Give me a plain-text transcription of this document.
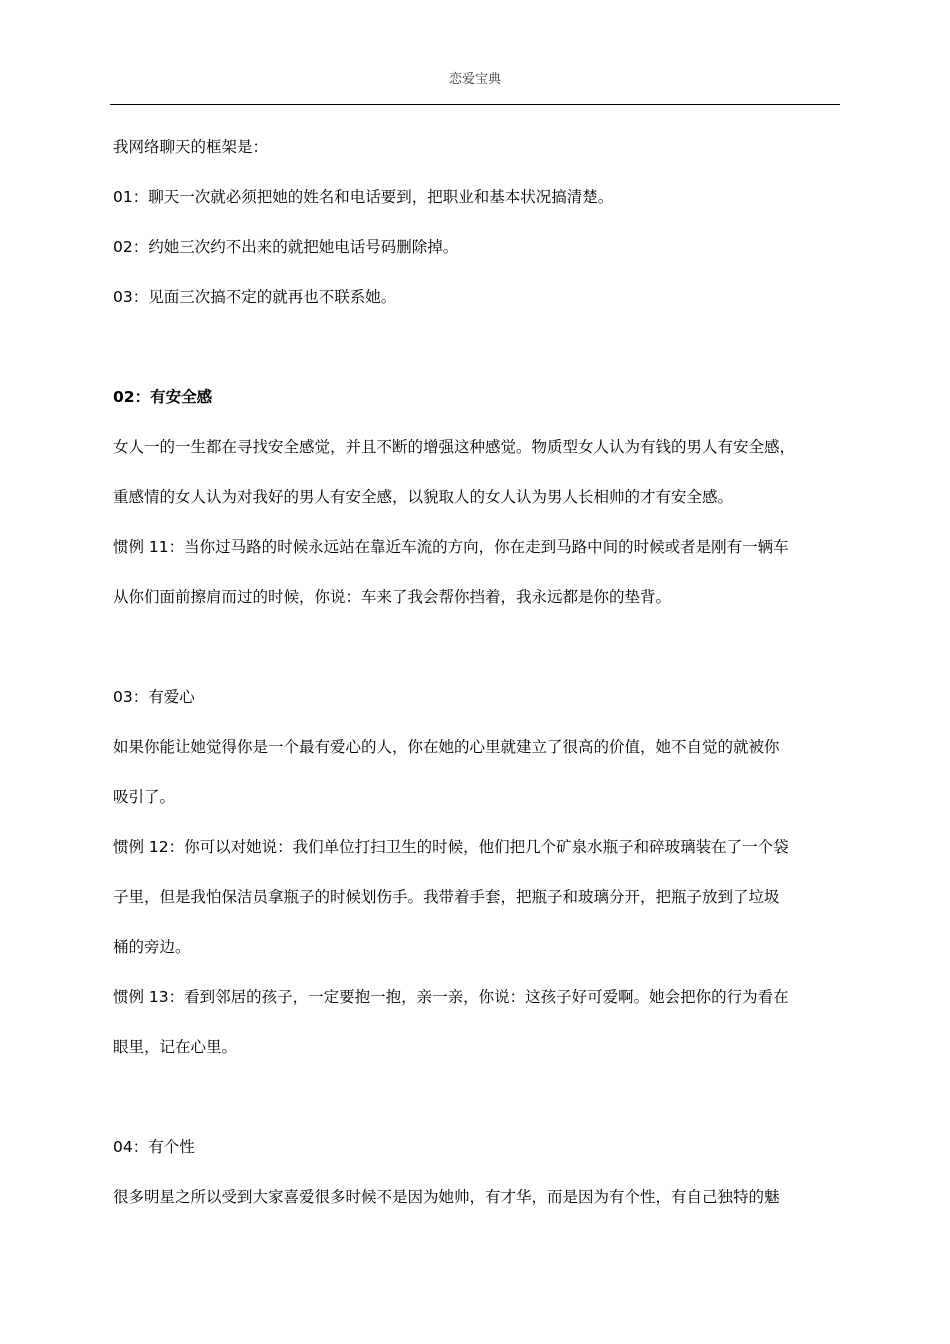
恋爱宝典
我网络聊天的框架是：
01：聊天一次就必须把她的姓名和电话要到，把职业和基本状况搞清楚。
02：约她三次约不出来的就把她电话号码删除掉。
03：见面三次搞不定的就再也不联系她。
02：有安全感
女人一的一生都在寻找安全感觉，并且不断的增强这种感觉。物质型女人认为有钱的男人有安全感，
重感情的女人认为对我好的男人有安全感，以貌取人的女人认为男人长相帅的才有安全感。
惯例 11：当你过马路的时候永远站在靠近车流的方向，你在走到马路中间的时候或者是刚有一辆车
从你们面前擦肩而过的时候，你说：车来了我会帮你挡着，我永远都是你的垫背。
03：有爱心
如果你能让她觉得你是一个最有爱心的人，你在她的心里就建立了很高的价值，她不自觉的就被你
吸引了。
惯例 12：你可以对她说：我们单位打扫卫生的时候，他们把几个矿泉水瓶子和碎玻璃装在了一个袋
子里，但是我怕保洁员拿瓶子的时候划伤手。我带着手套，把瓶子和玻璃分开，把瓶子放到了垃圾
桶的旁边。
惯例 13：看到邻居的孩子，一定要抱一抱，亲一亲，你说：这孩子好可爱啊。她会把你的行为看在
眼里，记在心里。
04：有个性
很多明星之所以受到大家喜爱很多时候不是因为她帅，有才华，而是因为有个性，有自己独特的魅
